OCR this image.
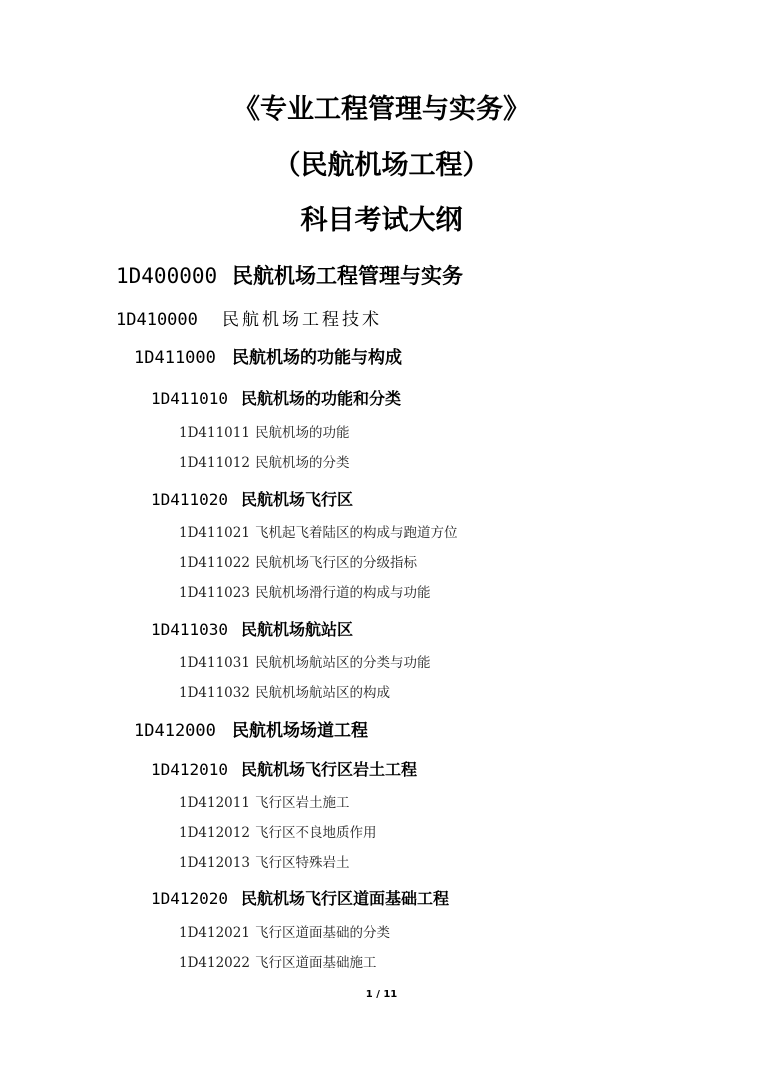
《专业工程管理与实务》
（民航机场工程）
科目考试大纲
1D400000 民航机场工程管理与实务
1D410000 民航机场工程技术
1D411000 民航机场的功能与构成
1D411010 民航机场的功能和分类
1D411011 民航机场的功能
1D411012 民航机场的分类
1D411020 民航机场飞行区
1D411021 飞机起飞着陆区的构成与跑道方位
1D411022 民航机场飞行区的分级指标
1D411023 民航机场滑行道的构成与功能
1D411030 民航机场航站区
1D411031 民航机场航站区的分类与功能
1D411032 民航机场航站区的构成
1D412000 民航机场场道工程
1D412010 民航机场飞行区岩土工程
1D412011 飞行区岩土施工
1D412012 飞行区不良地质作用
1D412013 飞行区特殊岩土
1D412020 民航机场飞行区道面基础工程
1D412021 飞行区道面基础的分类
1D412022 飞行区道面基础施工
1 / 11
